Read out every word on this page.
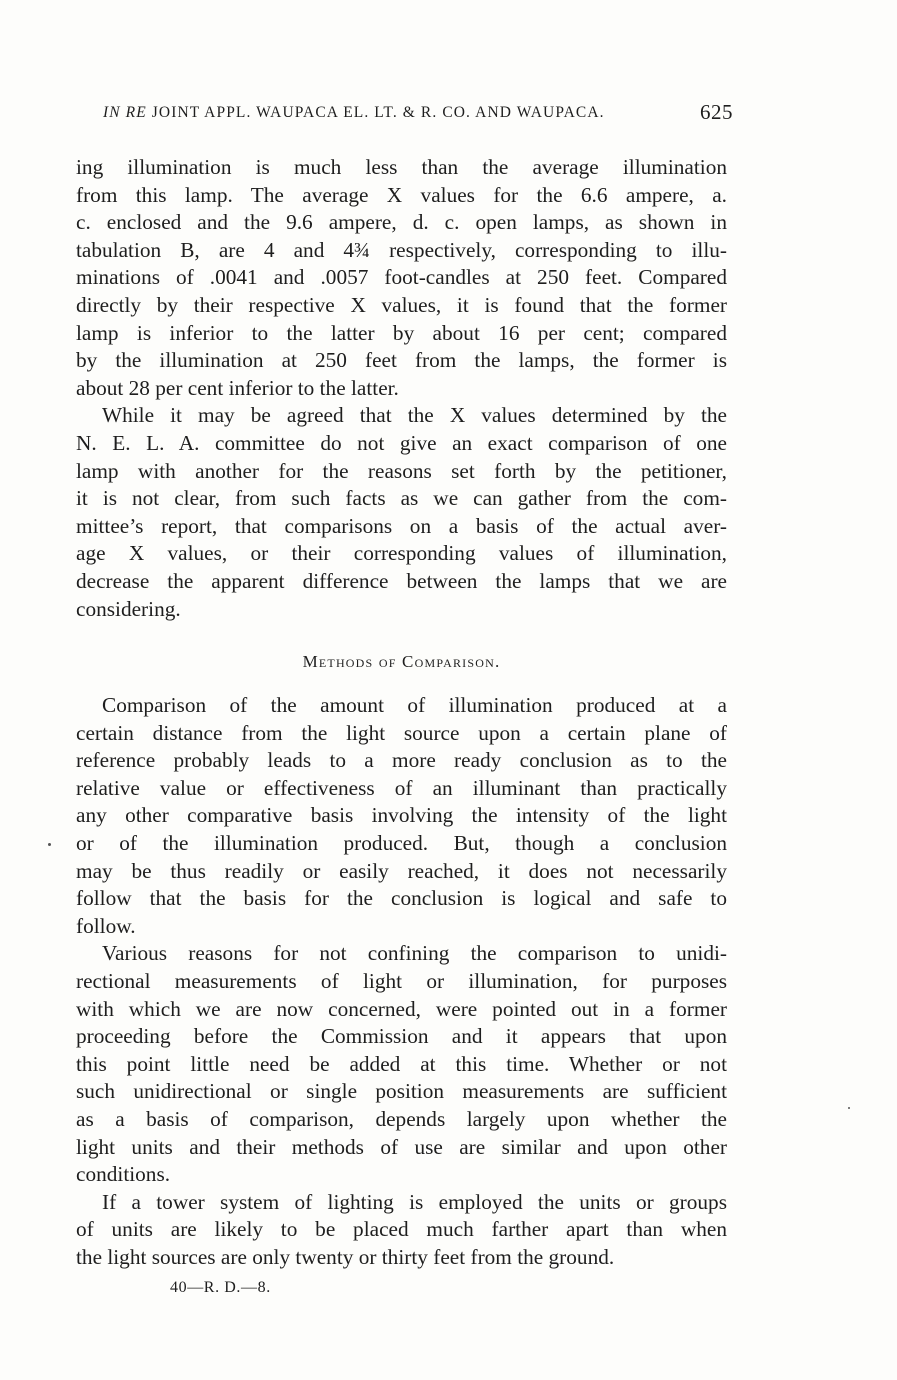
IN RE JOINT APPL. WAUPACA EL. LT. & R. CO. AND WAUPACA.	625
ing illumination is much less than the average illumination
from this lamp. The average X values for the 6.6 ampere, a.
c. enclosed and the 9.6 ampere, d. c. open lamps, as shown in
tabulation B, are 4 and 4¾ respectively, corresponding to illu-
minations of .0041 and .0057 foot-candles at 250 feet. Compared
directly by their respective X values, it is found that the former
lamp is inferior to the latter by about 16 per cent; compared
by the illumination at 250 feet from the lamps, the former is
about 28 per cent inferior to the latter.
While it may be agreed that the X values determined by the
N. E. L. A. committee do not give an exact comparison of one
lamp with another for the reasons set forth by the petitioner,
it is not clear, from such facts as we can gather from the com-
mittee’s report, that comparisons on a basis of the actual aver-
age X values, or their corresponding values of illumination,
decrease the apparent difference between the lamps that we are
considering.
Methods of Comparison.
Comparison of the amount of illumination produced at a
certain distance from the light source upon a certain plane of
reference probably leads to a more ready conclusion as to the
relative value or effectiveness of an illuminant than practically
any other comparative basis involving the intensity of the light
or of the illumination produced. But, though a conclusion
may be thus readily or easily reached, it does not necessarily
follow that the basis for the conclusion is logical and safe to
follow.
Various reasons for not confining the comparison to unidi-
rectional measurements of light or illumination, for purposes
with which we are now concerned, were pointed out in a former
proceeding before the Commission and it appears that upon
this point little need be added at this time. Whether or not
such unidirectional or single position measurements are sufficient
as a basis of comparison, depends largely upon whether the
light units and their methods of use are similar and upon other
conditions.
If a tower system of lighting is employed the units or groups
of units are likely to be placed much farther apart than when
the light sources are only twenty or thirty feet from the ground.
40—R. D.—8.
